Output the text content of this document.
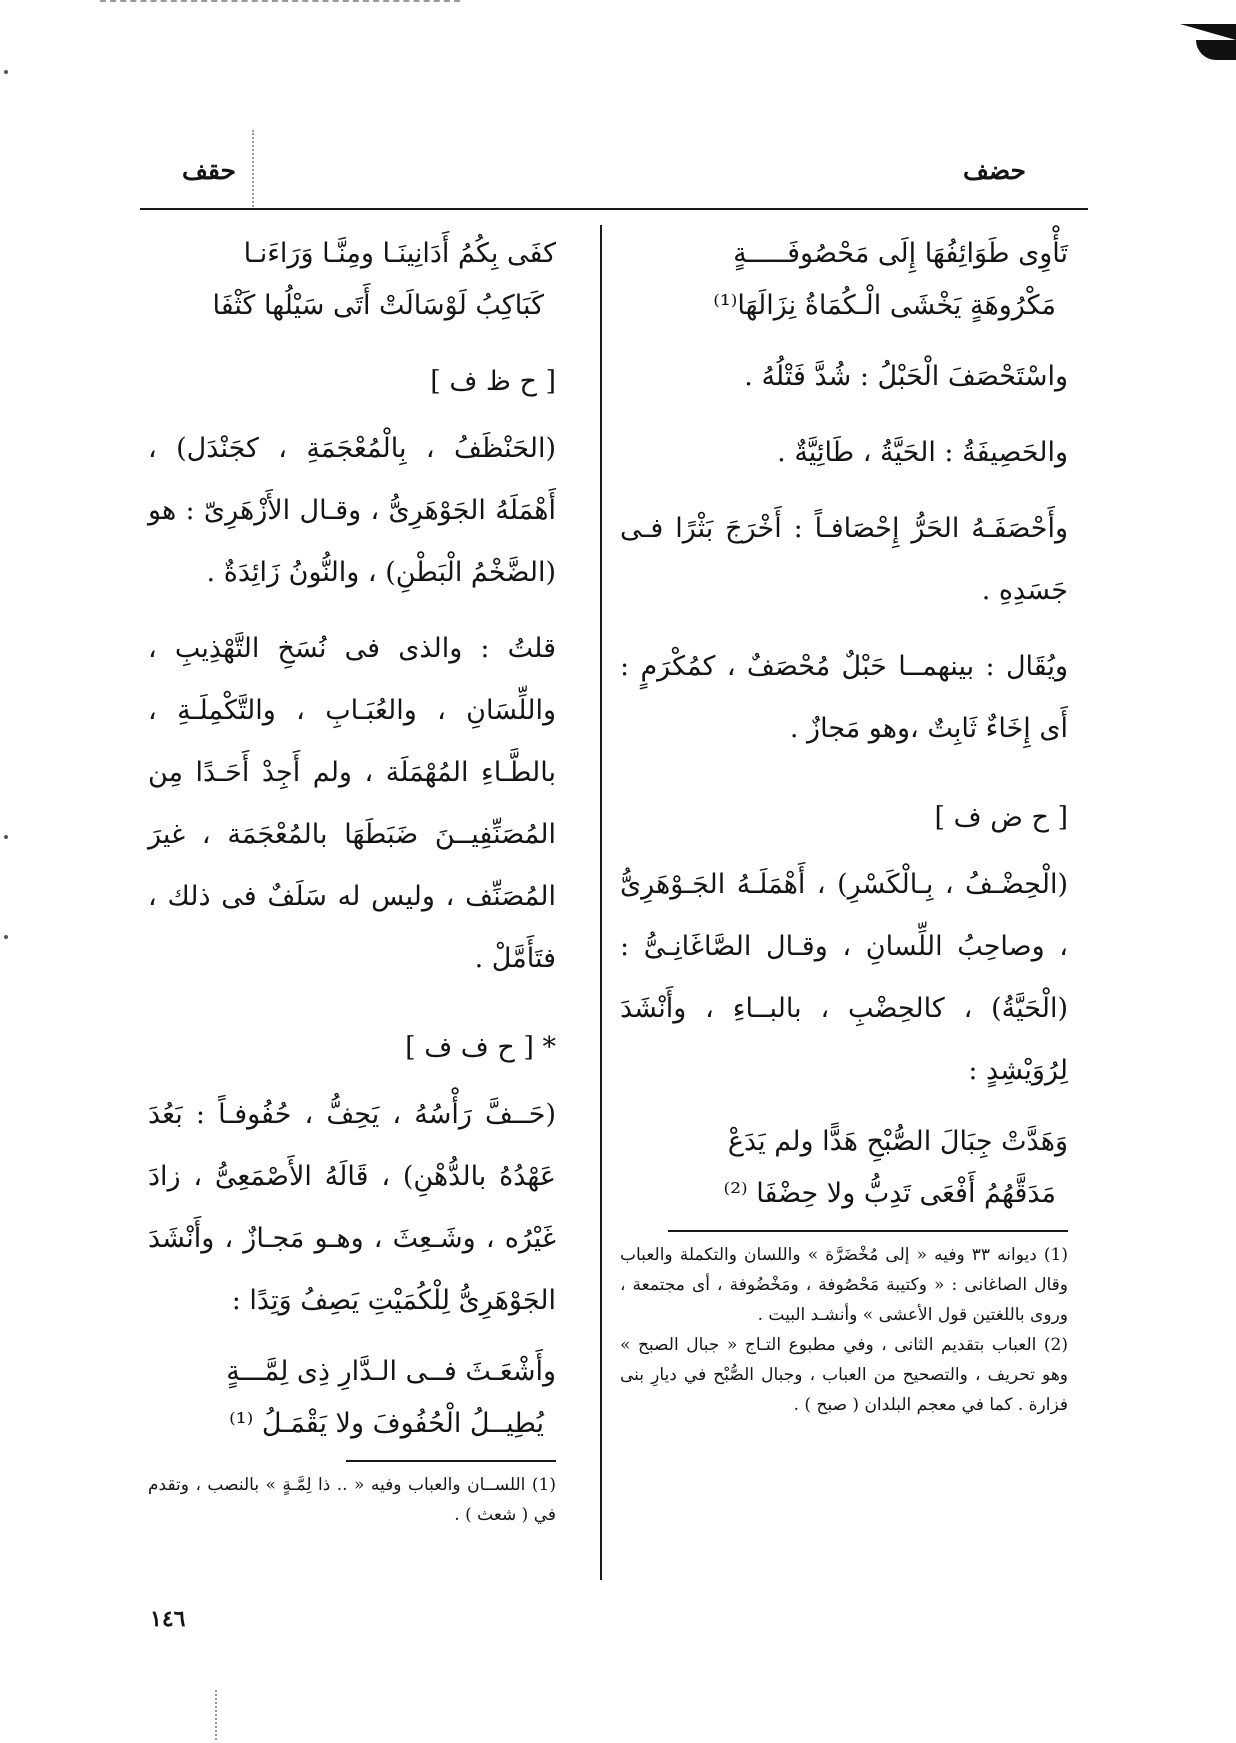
حضف
حقف

تَأْوِى طَوَائِفُهَا إِلَى مَحْصُوفَـــــةٍ

مَكْرُوهَةٍ يَخْشَى الْـكُمَاةُ نِزَالَهَا⁽¹⁾

واسْتَحْصَفَ الْحَبْلُ : شُدَّ فَتْلُهُ .

والحَصِيفَةُ : الحَيَّةُ ، طَائِيَّةٌ .

وأَحْصَفَـهُ الحَرُّ إِحْصَافـاً : أَخْرَجَ بَثْرًا فـى جَسَدِهِ .

ويُقَال : بينهمــا حَبْلٌ مُحْصَفٌ ، كمُكْرَمٍ : أَى إِخَاءٌ ثَابِتٌ ،وهو مَجازٌ .

[ ح ض ف ]

(الْحِضْـفُ ، بِـالْكَسْرِ) ، أَهْمَلَـهُ الجَـوْهَرِىُّ ، وصاحِبُ اللِّسانِ ، وقـال الصَّاغَانِـىُّ : (الْحَيَّةُ) ، كالحِضْبِ ، بالبــاءِ ، وأَنْشَدَ لِرُوَيْشِدٍ :

وَهَدَّتْ جِبَالَ الصُّبْحِ هَدًّا ولم يَدَعْ

مَدَقَّهُمُ أَفْعَى تَدِبُّ ولا حِضْفَا ⁽²⁾

(1) ديوانه ٣٣ وفيه « إلى مُخْضَرَّة » واللسان والتكملة والعباب وقال الصاغانى : « وكتيبة مَحْصُوفة ، ومَخْضُوفة ، أى مجتمعة ، وروى باللغتين قول الأعشى » وأنشـد البيت .

(2) العباب بتقديم الثانى ، وفي مطبوع التـاج « جبال الصبح » وهو تحريف ، والتصحيح من العباب ، وجبال الصُّبْح في ديارِ بنى فزارة . كما في معجم البلدان ( صبح ) .

كفَى بِكُمُ أَدَانِينَـا ومِنَّـا وَرَاءَنـا

كَبَاكِبُ لَوْسَالَتْ أَتَى سَيْلُها كَثْفَا

[ ح ظ ف ]

(الحَنْظَفُ ، بِالْمُعْجَمَةِ ، كجَنْدَل) ، أَهْمَلَهُ الجَوْهَرِىُّ ، وقـال الأَزْهَرِىّ : هو (الضَّخْمُ الْبَطْنِ) ، والنُّونُ زَائِدَةٌ .

قلتُ : والذى فى نُسَخِ التَّهْذِيبِ ، واللِّسَانِ ، والعُبَـابِ ، والتَّكْمِلَـةِ ، بالطَّـاءِ المُهْمَلَة ، ولم أَجِدْ أَحَـدًا مِن المُصَنِّفِيــنَ ضَبَطَهَا بالمُعْجَمَة ، غيرَ المُصَنِّف ، وليس له سَلَفٌ فى ذلك ، فتَأَمَّلْ .

* [ ح ف ف ]

(حَــفَّ رَأْسُهُ ، يَحِفُّ ، حُفُوفـاً : بَعُدَ عَهْدُهُ بالدُّهْنِ) ، قَالَهُ الأَصْمَعِىُّ ، زادَ غَيْرُه ، وشَـعِثَ ، وهـو مَجـازٌ ، وأَنْشَدَ الجَوْهَرِىُّ لِلْكُمَيْتِ يَصِفُ وَتِدًا :

وأَشْعَـثَ فــى الـدَّارِ ذِى لِمَّـــةٍ

يُطِيــلُ الْحُفُوفَ ولا يَقْمَـلُ ⁽¹⁾

(1) اللســان والعباب وفيه « .. ذا لِمَّـةٍ » بالنصب ، وتقدم في ( شعث ) .

١٤٦
